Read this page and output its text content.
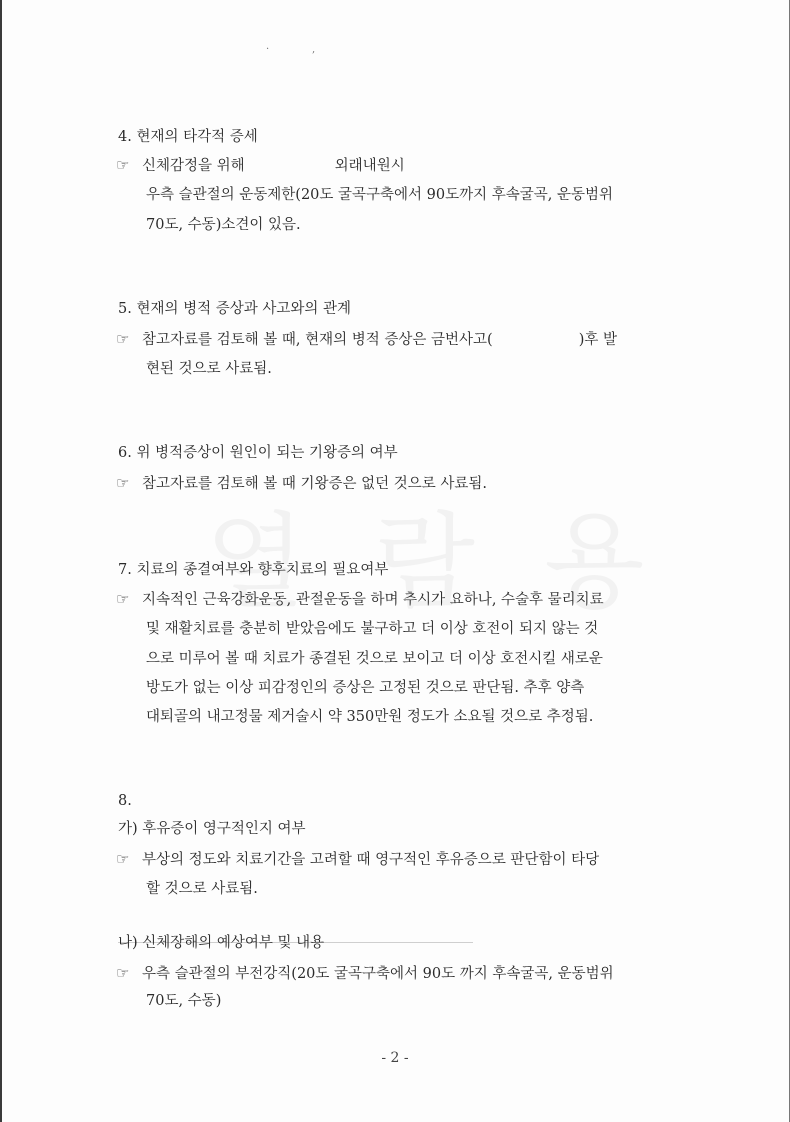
·	,
4. 현재의 타각적 증세
☞ 신체감정을 위해	외래내원시
우측 슬관절의 운동제한(20도 굴곡구축에서 90도까지 후속굴곡, 운동범위
70도, 수동)소견이 있음.
5. 현재의 병적 증상과 사고와의 관계
☞ 참고자료를 검토해 볼 때, 현재의 병적 증상은 금번사고(	)후 발
현된 것으로 사료됨.
6. 위 병적증상이 원인이 되는 기왕증의 여부
☞ 참고자료를 검토해 볼 때 기왕증은 없던 것으로 사료됨.
7. 치료의 종결여부와 향후치료의 필요여부
☞ 지속적인 근육강화운동, 관절운동을 하며 추시가 요하나, 수술후 물리치료
및 재활치료를 충분히 받았음에도 불구하고 더 이상 호전이 되지 않는 것
으로 미루어 볼 때 치료가 종결된 것으로 보이고 더 이상 호전시킬 새로운
방도가 없는 이상 피감정인의 증상은 고정된 것으로 판단됨. 추후 양측
대퇴골의 내고정물 제거술시 약 350만원 정도가 소요될 것으로 추정됨.
8.
가) 후유증이 영구적인지 여부
☞ 부상의 정도와 치료기간을 고려할 때 영구적인 후유증으로 판단함이 타당
할 것으로 사료됨.
나) 신체장해의 예상여부 및 내용
☞ 우측 슬관절의 부전강직(20도 굴곡구축에서 90도 까지 후속굴곡, 운동범위
70도, 수동)
- 2 -
